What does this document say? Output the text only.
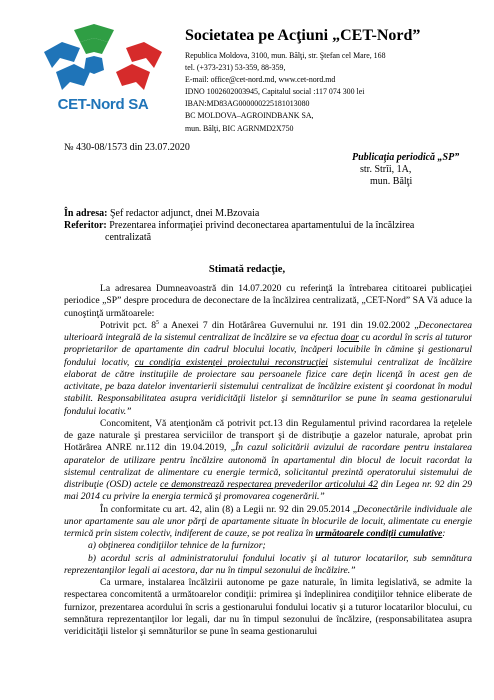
CET-Nord SA
Societatea pe Acţiuni „CET-Nord”
Republica Moldova, 3100, mun. Bălţi, str. Ştefan cel Mare, 168
tel. (+373-231) 53-359, 88-359,
E-mail: office@cet-nord.md, www.cet-nord.md
IDNO 1002602003945, Capitalul social :117 074 300 lei
IBAN:MD83AG000000225181013080
BC MOLDOVA–AGROINDBANK SA,
mun. Bălţi, BIC AGRNMD2X750
№ 430-08/1573 din 23.07.2020
Publicaţia periodică „SP”
str. Strîi, 1A,
mun. Bălţi
În adresa: Şef redactor adjunct, dnei M.Bzovaia
Referitor: Prezentarea informaţiei privind deconectarea apartamentului de la încălzirea
centralizată
Stimată redacţie,

La adresarea Dumneavoastră din 14.07.2020 cu referinţă la întrebarea cititoarei publicaţiei periodice „SP” despre procedura de deconectare de la încălzirea centralizată, „CET-Nord” SA Vă aduce la cunoştinţă următoarele:

Potrivit pct. $8^5$ a Anexei 7 din Hotărârea Guvernului nr. 191 din 19.02.2002 „Deconectarea ulterioară integrală de la sistemul centralizat de încălzire se va efectua doar cu acordul în scris al tuturor proprietarilor de apartamente din cadrul blocului locativ, încăperi locuibile în cămine şi gestionarul fondului locativ, cu condiţia existenţei proiectului reconstrucţiei sistemului centralizat de încălzire elaborat de către instituţiile de proiectare sau persoanele fizice care deţin licenţă în acest gen de activitate, pe baza datelor inventarierii sistemului centralizat de încălzire existent şi coordonat în modul stabilit. Responsabilitatea asupra veridicităţii listelor şi semnăturilor se pune în seama gestionarului fondului locativ.”

Concomitent, Vă atenţionăm că potrivit pct.13 din Regulamentul privind racordarea la reţelele de gaze naturale şi prestarea serviciilor de transport şi de distribuţie a gazelor naturale, aprobat prin Hotărârea ANRE nr.112 din 19.04.2019, „În cazul solicitării avizului de racordare pentru instalarea aparatelor de utilizare pentru încălzire autonomă în apartamentul din blocul de locuit racordat la sistemul centralizat de alimentare cu energie termică, solicitantul prezintă operatorului sistemului de distribuţie (OSD) actele ce demonstrează respectarea prevederilor articolului 42 din Legea nr. 92 din 29 mai 2014 cu privire la energia termică şi promovarea cogenerării.”

În conformitate cu art. 42, alin (8) a Legii nr. 92 din 29.05.2014 „Deconectările individuale ale unor apartamente sau ale unor părţi de apartamente situate în blocurile de locuit, alimentate cu energie termică prin sistem colectiv, indiferent de cauze, se pot realiza în următoarele condiţii cumulative:

a) obţinerea condiţiilor tehnice de la furnizor;

b) acordul scris al administratorului fondului locativ şi al tuturor locatarilor, sub semnătura reprezentanţilor legali ai acestora, dar nu în timpul sezonului de încălzire.”

Ca urmare, instalarea încălzirii autonome pe gaze naturale, în limita legislativă, se admite la respectarea concomitentă a următoarelor condiţii: primirea şi îndeplinirea condiţiilor tehnice eliberate de furnizor, prezentarea acordului în scris a gestionarului fondului locativ şi a tuturor locatarilor blocului, cu semnătura reprezentanţilor lor legali, dar nu în timpul sezonului de încălzire, (responsabilitatea asupra veridicităţii listelor şi semnăturilor se pune în seama gestionarului
